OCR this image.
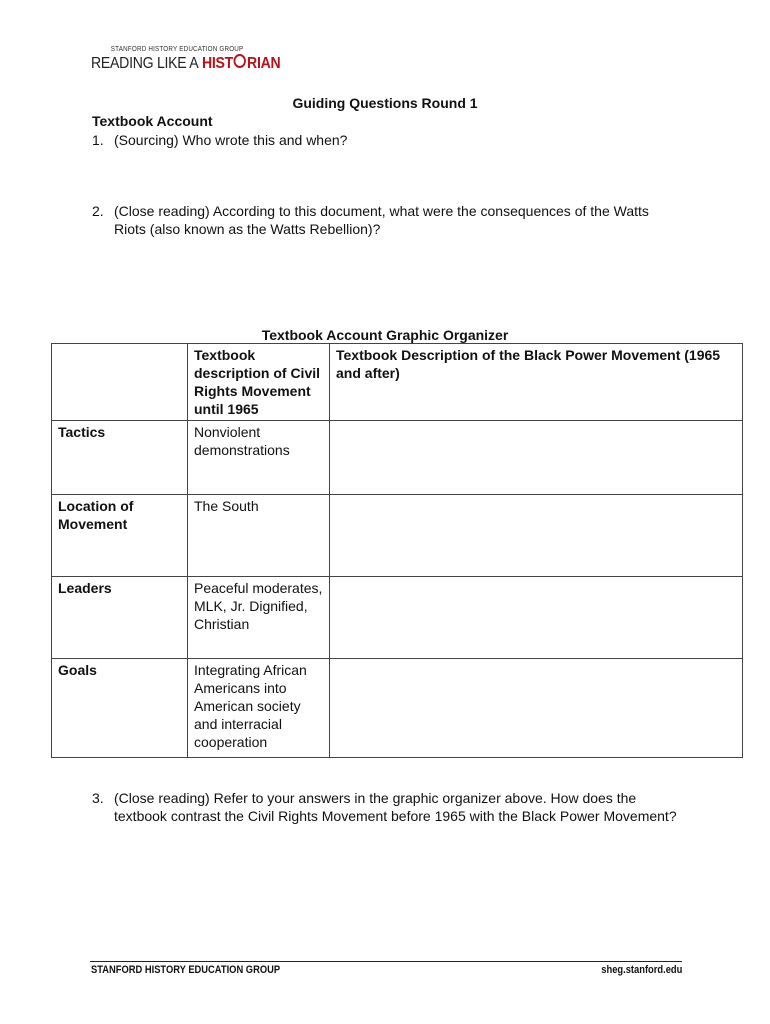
STANFORD HISTORY EDUCATION GROUP
READING LIKE A HIST RIAN
Guiding Questions Round 1
Textbook Account
1. (Sourcing) Who wrote this and when?
2. (Close reading) According to this document, what were the consequences of the Watts Riots (also known as the Watts Rebellion)?
Textbook Account Graphic Organizer
	Textbook description of Civil Rights Movement until 1965	Textbook Description of the Black Power Movement (1965 and after)
Tactics	Nonviolent demonstrations	
Location of Movement	The South	
Leaders	Peaceful moderates, MLK, Jr. Dignified, Christian	
Goals	Integrating African Americans into American society and interracial cooperation	
3. (Close reading) Refer to your answers in the graphic organizer above. How does the textbook contrast the Civil Rights Movement before 1965 with the Black Power Movement?
STANFORD HISTORY EDUCATION GROUP	sheg.stanford.edu
